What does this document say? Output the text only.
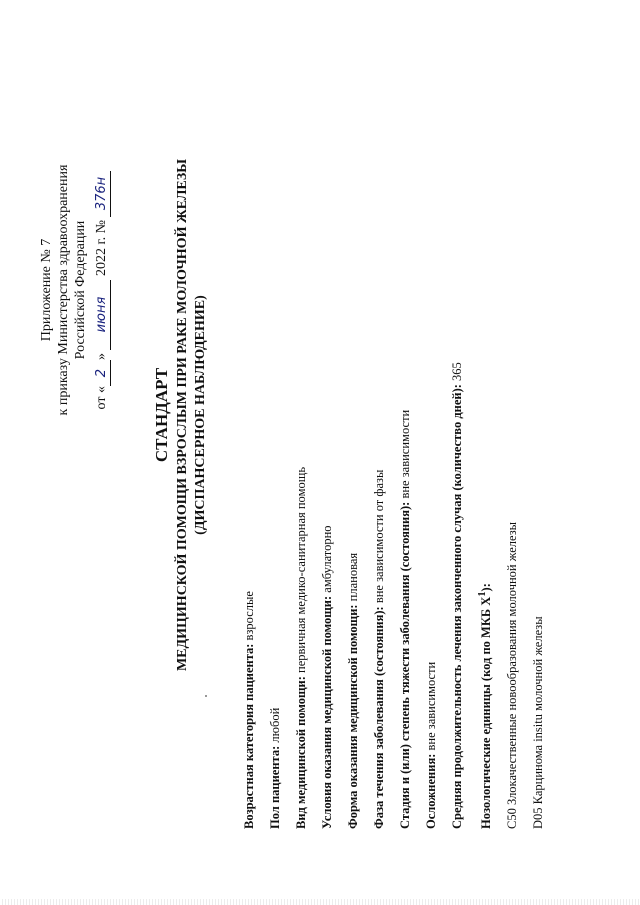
Приложение № 7 к приказу Министерства здравоохранения Российской Федерации
от «2» июня 2022 г. № 376н
СТАНДАРТ МЕДИЦИНСКОЙ ПОМОЩИ ВЗРОСЛЫМ ПРИ РАКЕ МОЛОЧНОЙ ЖЕЛЕЗЫ (ДИСПАНСЕРНОЕ НАБЛЮДЕНИЕ)
Возрастная категория пациента: взрослые
Пол пациента: любой Вид медицинской помощи: первичная медико-санитарная помощь
Условия оказания медицинской помощи: амбулаторно
Форма оказания медицинской помощи: плановая
Фаза течения заболевания (состояния): вне зависимости от фазы Стадия и (или) степень тяжести заболевания (состояния): вне зависимости
Осложнения: вне зависимости Средняя продолжительность лечения законченного случая (количество дней): 365
Нозологические единицы (код по МКБ $X^1$):
C50 Злокачественные новообразования молочной железы
D05 Карцинома insitu молочной железы
